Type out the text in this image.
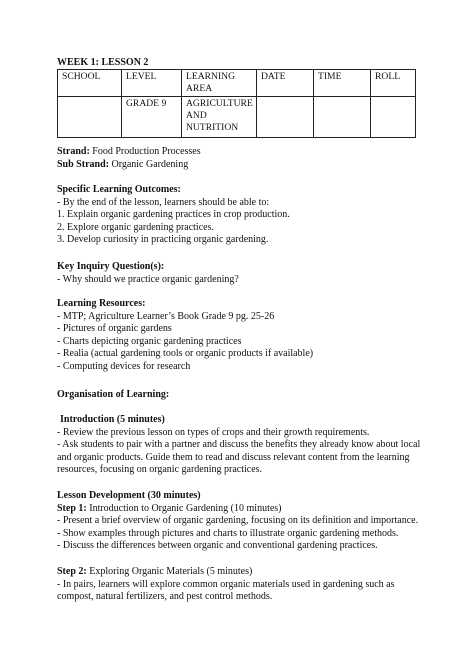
WEEK 1: LESSON 2
SCHOOL	LEVEL	LEARNING AREA	DATE	TIME	ROLL
	GRADE 9	AGRICULTURE AND NUTRITION			
Strand: Food Production Processes
Sub Strand: Organic Gardening
Specific Learning Outcomes:
- By the end of the lesson, learners should be able to:
1. Explain organic gardening practices in crop production.
2. Explore organic gardening practices.
3. Develop curiosity in practicing organic gardening.
Key Inquiry Question(s):
- Why should we practice organic gardening?
Learning Resources:
- MTP; Agriculture Learner’s Book Grade 9 pg. 25-26
- Pictures of organic gardens
- Charts depicting organic gardening practices
- Realia (actual gardening tools or organic products if available)
- Computing devices for research
Organisation of Learning:
Introduction (5 minutes)
- Review the previous lesson on types of crops and their growth requirements.
- Ask students to pair with a partner and discuss the benefits they already know about local
and organic products. Guide them to read and discuss relevant content from the learning
resources, focusing on organic gardening practices.
Lesson Development (30 minutes)
Step 1: Introduction to Organic Gardening (10 minutes)
- Present a brief overview of organic gardening, focusing on its definition and importance.
- Show examples through pictures and charts to illustrate organic gardening methods.
- Discuss the differences between organic and conventional gardening practices.
Step 2: Exploring Organic Materials (5 minutes)
- In pairs, learners will explore common organic materials used in gardening such as
compost, natural fertilizers, and pest control methods.
